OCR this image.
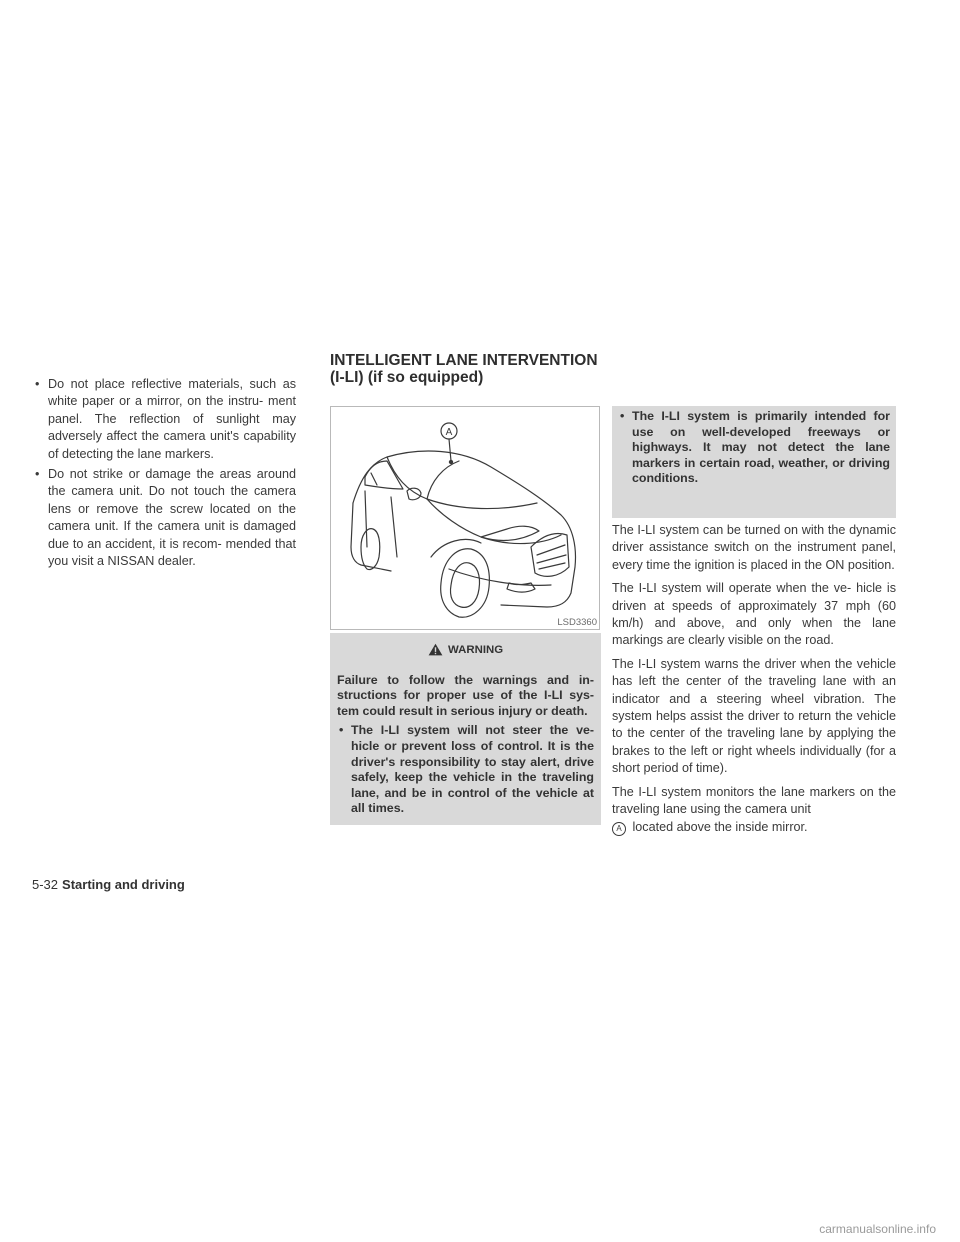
INTELLIGENT LANE INTERVENTION
(I-LI) (if so equipped)
• Do not place reflective materials, such as white paper or a mirror, on the instru- ment panel. The reflection of sunlight may adversely affect the camera unit's capability of detecting the lane markers.
• Do not strike or damage the areas around the camera unit. Do not touch the camera lens or remove the screw located on the camera unit. If the camera unit is damaged due to an accident, it is recom- mended that you visit a NISSAN dealer.
A
LSD3360
WARNING

Failure to follow the warnings and in- structions for proper use of the I-LI sys- tem could result in serious injury or death.

• The I-LI system will not steer the ve- hicle or prevent loss of control. It is the driver's responsibility to stay alert, drive safely, keep the vehicle in the traveling lane, and be in control of the vehicle at all times.
• The I-LI system is primarily intended for use on well-developed freeways or highways. It may not detect the lane markers in certain road, weather, or driving conditions.

The I-LI system can be turned on with the dynamic driver assistance switch on the instrument panel, every time the ignition is placed in the ON position.

The I-LI system will operate when the ve- hicle is driven at speeds of approximately 37 mph (60 km/h) and above, and only when the lane markings are clearly visible on the road.

The I-LI system warns the driver when the vehicle has left the center of the traveling lane with an indicator and a steering wheel vibration. The system helps assist the driver to return the vehicle to the center of the traveling lane by applying the brakes to the left or right wheels individually (for a short period of time).

The I-LI system monitors the lane markers on the traveling lane using the camera unit
A located above the inside mirror.

5-32 Starting and driving
carmanualsonline.info
